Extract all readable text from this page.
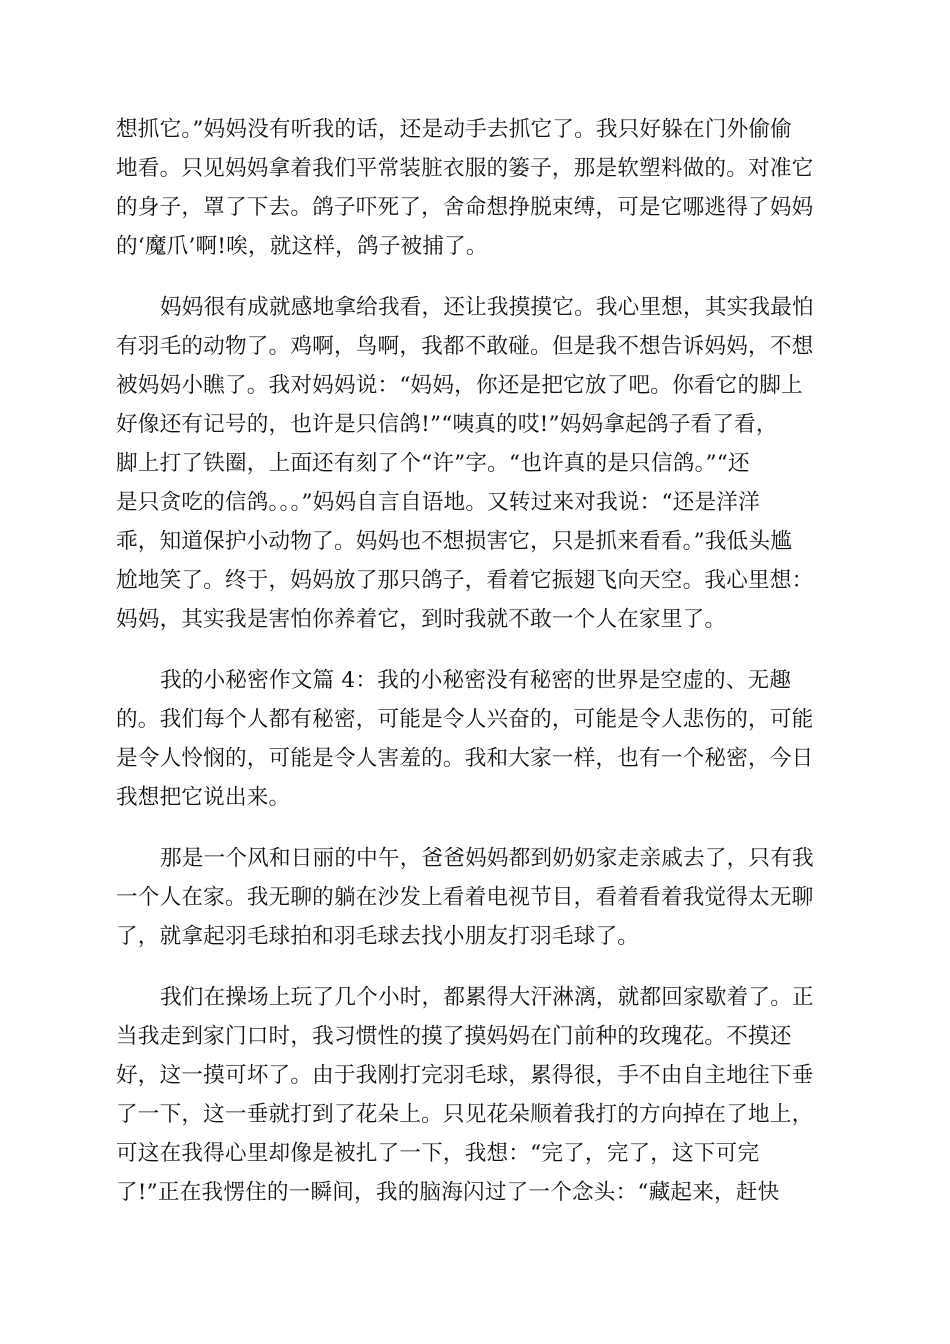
想抓它。”妈妈没有听我的话，还是动手去抓它了。我只好躲在门外偷偷
地看。只见妈妈拿着我们平常装脏衣服的篓子，那是软塑料做的。对准它
的身子，罩了下去。鸽子吓死了，舍命想挣脱束缚，可是它哪逃得了妈妈
的‘魔爪’啊!唉，就这样，鸽子被捕了。
妈妈很有成就感地拿给我看，还让我摸摸它。我心里想，其实我最怕
有羽毛的动物了。鸡啊，鸟啊，我都不敢碰。但是我不想告诉妈妈，不想
被妈妈小瞧了。我对妈妈说：“妈妈，你还是把它放了吧。你看它的脚上
好像还有记号的，也许是只信鸽!”“咦真的哎!”妈妈拿起鸽子看了看，
脚上打了铁圈，上面还有刻了个“许”字。“也许真的是只信鸽。”“还
是只贪吃的信鸽。。。”妈妈自言自语地。又转过来对我说：“还是洋洋
乖，知道保护小动物了。妈妈也不想损害它，只是抓来看看。”我低头尴
尬地笑了。终于，妈妈放了那只鸽子，看着它振翅飞向天空。我心里想：
妈妈，其实我是害怕你养着它，到时我就不敢一个人在家里了。
我的小秘密作文篇 4：我的小秘密没有秘密的世界是空虚的、无趣
的。我们每个人都有秘密，可能是令人兴奋的，可能是令人悲伤的，可能
是令人怜悯的，可能是令人害羞的。我和大家一样，也有一个秘密，今日
我想把它说出来。
那是一个风和日丽的中午，爸爸妈妈都到奶奶家走亲戚去了，只有我
一个人在家。我无聊的躺在沙发上看着电视节目，看着看着我觉得太无聊
了，就拿起羽毛球拍和羽毛球去找小朋友打羽毛球了。
我们在操场上玩了几个小时，都累得大汗淋漓，就都回家歇着了。正
当我走到家门口时，我习惯性的摸了摸妈妈在门前种的玫瑰花。不摸还
好，这一摸可坏了。由于我刚打完羽毛球，累得很，手不由自主地往下垂
了一下，这一垂就打到了花朵上。只见花朵顺着我打的方向掉在了地上，
可这在我得心里却像是被扎了一下，我想：“完了，完了，这下可完
了!”正在我愣住的一瞬间，我的脑海闪过了一个念头：“藏起来，赶快
